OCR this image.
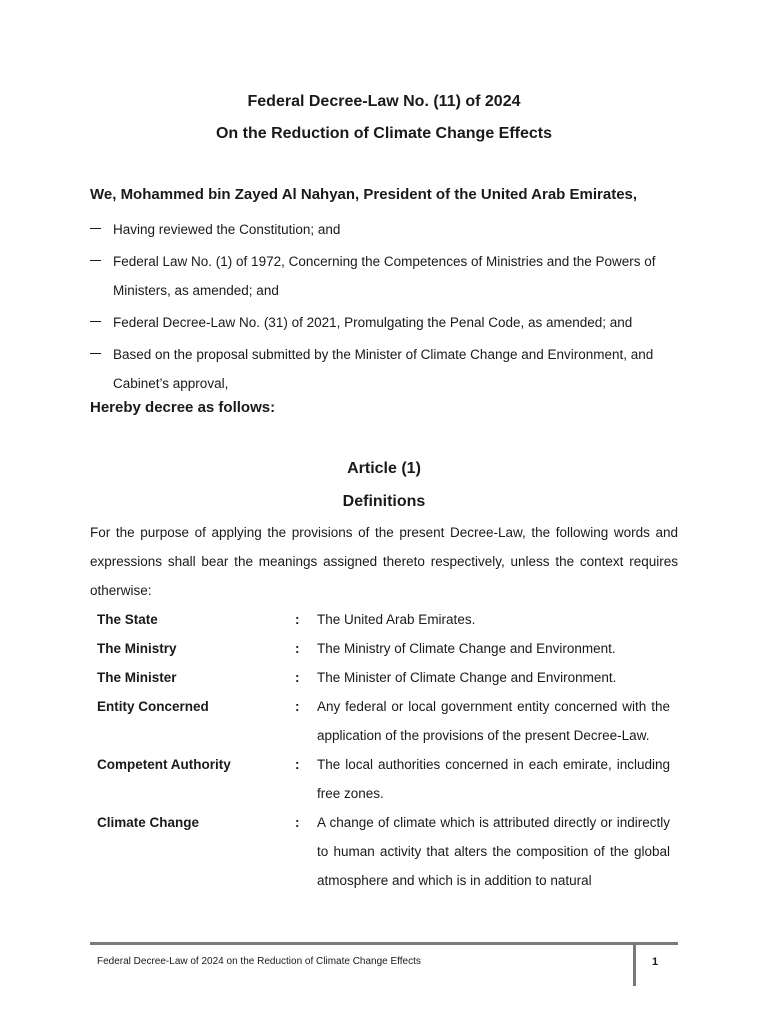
Federal Decree-Law No. (11) of 2024
On the Reduction of Climate Change Effects
We, Mohammed bin Zayed Al Nahyan, President of the United Arab Emirates,
Having reviewed the Constitution; and
Federal Law No. (1) of 1972, Concerning the Competences of Ministries and the Powers of Ministers, as amended; and
Federal Decree-Law No. (31) of 2021, Promulgating the Penal Code, as amended; and
Based on the proposal submitted by the Minister of Climate Change and Environment, and Cabinet’s approval,
Hereby decree as follows:
Article (1)
Definitions
For the purpose of applying the provisions of the present Decree-Law, the following words and expressions shall bear the meanings assigned thereto respectively, unless the context requires otherwise:
The State	:	The United Arab Emirates.
The Ministry	:	The Ministry of Climate Change and Environment.
The Minister	:	The Minister of Climate Change and Environment.
Entity Concerned	:	Any federal or local government entity concerned with the application of the provisions of the present Decree-Law.
Competent Authority	:	The local authorities concerned in each emirate, including free zones.
Climate Change	:	A change of climate which is attributed directly or indirectly to human activity that alters the composition of the global atmosphere and which is in addition to natural
Federal Decree-Law of 2024 on the Reduction of Climate Change Effects	1
